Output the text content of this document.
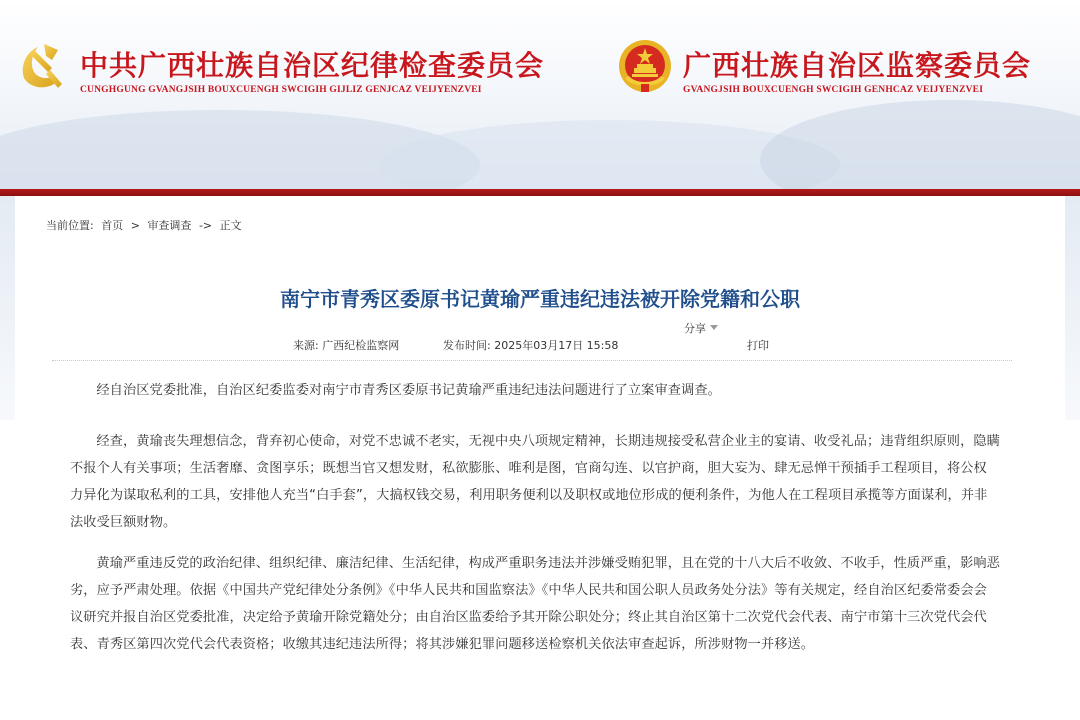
中共广西壮族自治区纪律检查委员会
CUNGHGUNG GVANGJSIH BOUXCUENGH SWCIGIH GIJLIZ GENJCAZ VEIJYENZVEI
广西壮族自治区监察委员会
GVANGJSIH BOUXCUENGH SWCIGIH GENHCAZ VEIJYENZVEI
当前位置: 首页 > 审查调查 -> 正文
南宁市青秀区委原书记黄瑜严重违纪违法被开除党籍和公职
分享
来源: 广西纪检监察网	发布时间: 2025年03月17日 15:58	打印
经自治区党委批准，自治区纪委监委对南宁市青秀区委原书记黄瑜严重违纪违法问题进行了立案审查调查。
经查，黄瑜丧失理想信念，背弃初心使命，对党不忠诚不老实，无视中央八项规定精神，长期违规接受私营企业主的宴请、收受礼品；违背组织原则，隐瞒不报个人有关事项；生活奢靡、贪图享乐；既想当官又想发财，私欲膨胀、唯利是图，官商勾连、以官护商，胆大妄为、肆无忌惮干预插手工程项目，将公权力异化为谋取私利的工具，安排他人充当“白手套”，大搞权钱交易，利用职务便利以及职权或地位形成的便利条件，为他人在工程项目承揽等方面谋利，并非法收受巨额财物。
黄瑜严重违反党的政治纪律、组织纪律、廉洁纪律、生活纪律，构成严重职务违法并涉嫌受贿犯罪，且在党的十八大后不收敛、不收手，性质严重，影响恶劣，应予严肃处理。依据《中国共产党纪律处分条例》《中华人民共和国监察法》《中华人民共和国公职人员政务处分法》等有关规定，经自治区纪委常委会会议研究并报自治区党委批准，决定给予黄瑜开除党籍处分；由自治区监委给予其开除公职处分；终止其自治区第十二次党代会代表、南宁市第十三次党代会代表、青秀区第四次党代会代表资格；收缴其违纪违法所得；将其涉嫌犯罪问题移送检察机关依法审查起诉，所涉财物一并移送。
